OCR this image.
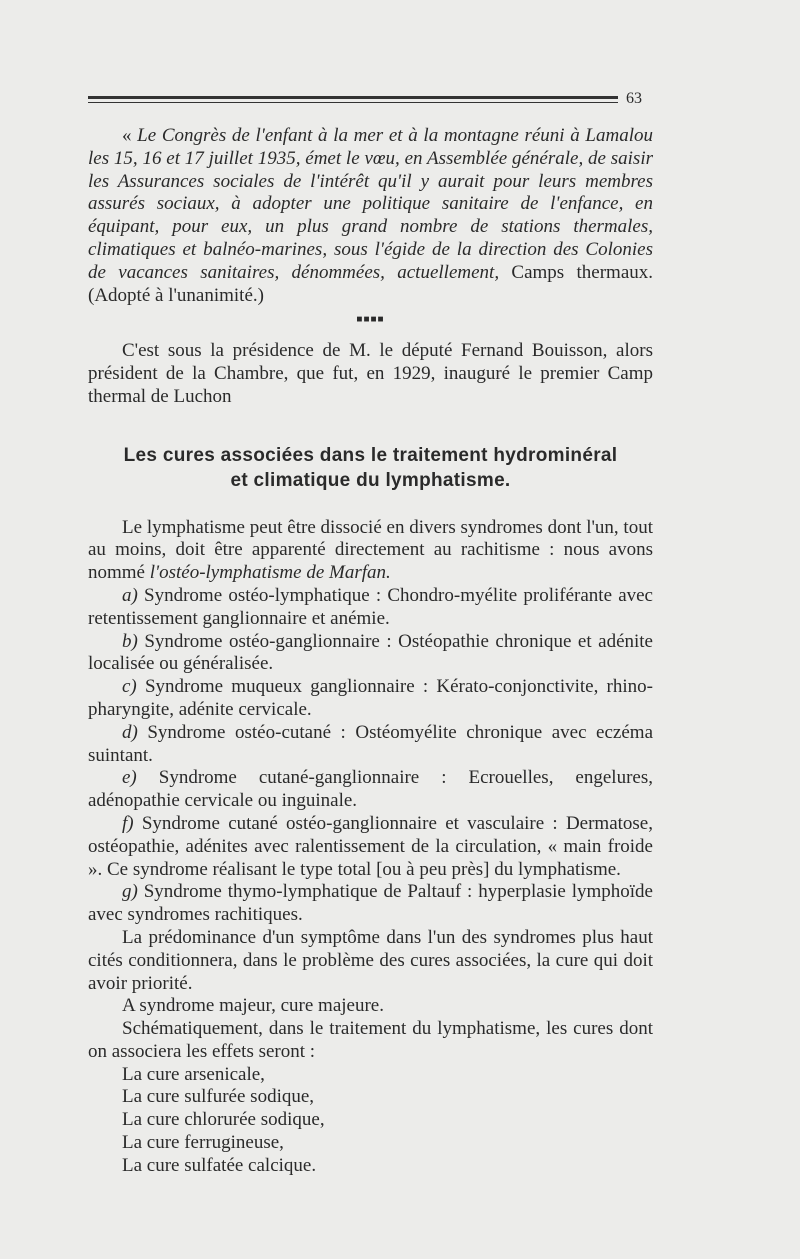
63

« Le Congrès de l'enfant à la mer et à la montagne réuni à Lamalou les 15, 16 et 17 juillet 1935, émet le vœu, en Assemblée générale, de saisir les Assurances sociales de l'intérêt qu'il y aurait pour leurs membres assurés sociaux, à adopter une politique sanitaire de l'enfance, en équipant, pour eux, un plus grand nombre de stations thermales, climatiques et balnéo-marines, sous l'égide de la direction des Colonies de vacances sanitaires, dénommées, actuellement, Camps thermaux. (Adopté à l'unanimité.)

■■■■

C'est sous la présidence de M. le député Fernand Bouisson, alors président de la Chambre, que fut, en 1929, inauguré le premier Camp thermal de Luchon

Les cures associées dans le traitement hydrominéral
et climatique du lymphatisme.

Le lymphatisme peut être dissocié en divers syndromes dont l'un, tout au moins, doit être apparenté directement au rachitisme : nous avons nommé l'ostéo-lymphatisme de Marfan.

a) Syndrome ostéo-lymphatique : Chondro-myélite proliférante avec retentissement ganglionnaire et anémie.

b) Syndrome ostéo-ganglionnaire : Ostéopathie chronique et adénite localisée ou généralisée.

c) Syndrome muqueux ganglionnaire : Kérato-conjonctivite, rhino-pharyngite, adénite cervicale.

d) Syndrome ostéo-cutané : Ostéomyélite chronique avec eczéma suintant.

e) Syndrome cutané-ganglionnaire : Ecrouelles, engelures, adénopathie cervicale ou inguinale.

f) Syndrome cutané ostéo-ganglionnaire et vasculaire : Dermatose, ostéopathie, adénites avec ralentissement de la circulation, « main froide ». Ce syndrome réalisant le type total [ou à peu près] du lymphatisme.

g) Syndrome thymo-lymphatique de Paltauf : hyperplasie lymphoïde avec syndromes rachitiques.

La prédominance d'un symptôme dans l'un des syndromes plus haut cités conditionnera, dans le problème des cures associées, la cure qui doit avoir priorité.

A syndrome majeur, cure majeure.

Schématiquement, dans le traitement du lymphatisme, les cures dont on associera les effets seront :

La cure arsenicale,
La cure sulfurée sodique,
La cure chlorurée sodique,
La cure ferrugineuse,
La cure sulfatée calcique.
